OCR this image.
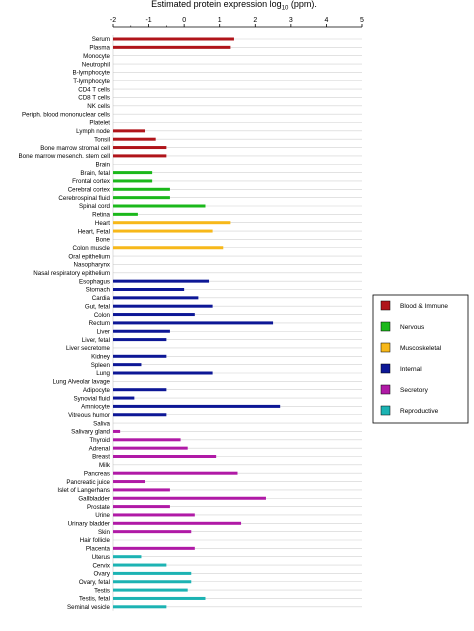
Estimated protein expression $\log_{10} (ppm)$.
-2	-1	0	1	2	3	4	5
Serum
Plasma
Monocyte
Neutrophil
B-lymphocyte
T-lymphocyte
CD4 T cells
CD8 T cells
NK cells
Periph. blood mononuclear cells
Platelet
Lymph node
Tonsil
Bone marrow stromal cell
Bone marrow mesench. stem cell
Brain
Brain, fetal
Frontal cortex
Cerebral cortex
Cerebrospinal fluid
Spinal cord
Retina
Heart
Heart, Fetal
Bone
Colon muscle
Oral epithelium
Nasopharynx
Nasal respiratory epithelium
Esophagus
Stomach
Cardia
Gut, fetal
Colon
Rectum
Liver
Liver, fetal
Liver secretome
Kidney
Spleen
Lung
Lung Alveolar lavage
Adipocyte
Synovial fluid
Amniocyte
Vitreous humor
Saliva
Salivary gland
Thyroid
Adrenal
Breast
Milk
Pancreas
Pancreatic juice
Islet of Langerhans
Gallbladder
Prostate
Urine
Urinary bladder
Skin
Hair follicle
Placenta
Uterus
Cervix
Ovary
Ovary, fetal
Testis
Testis, fetal
Seminal vesicle
Blood & Immune
Nervous
Muscoskeletal
Internal
Secretory
Reproductive
